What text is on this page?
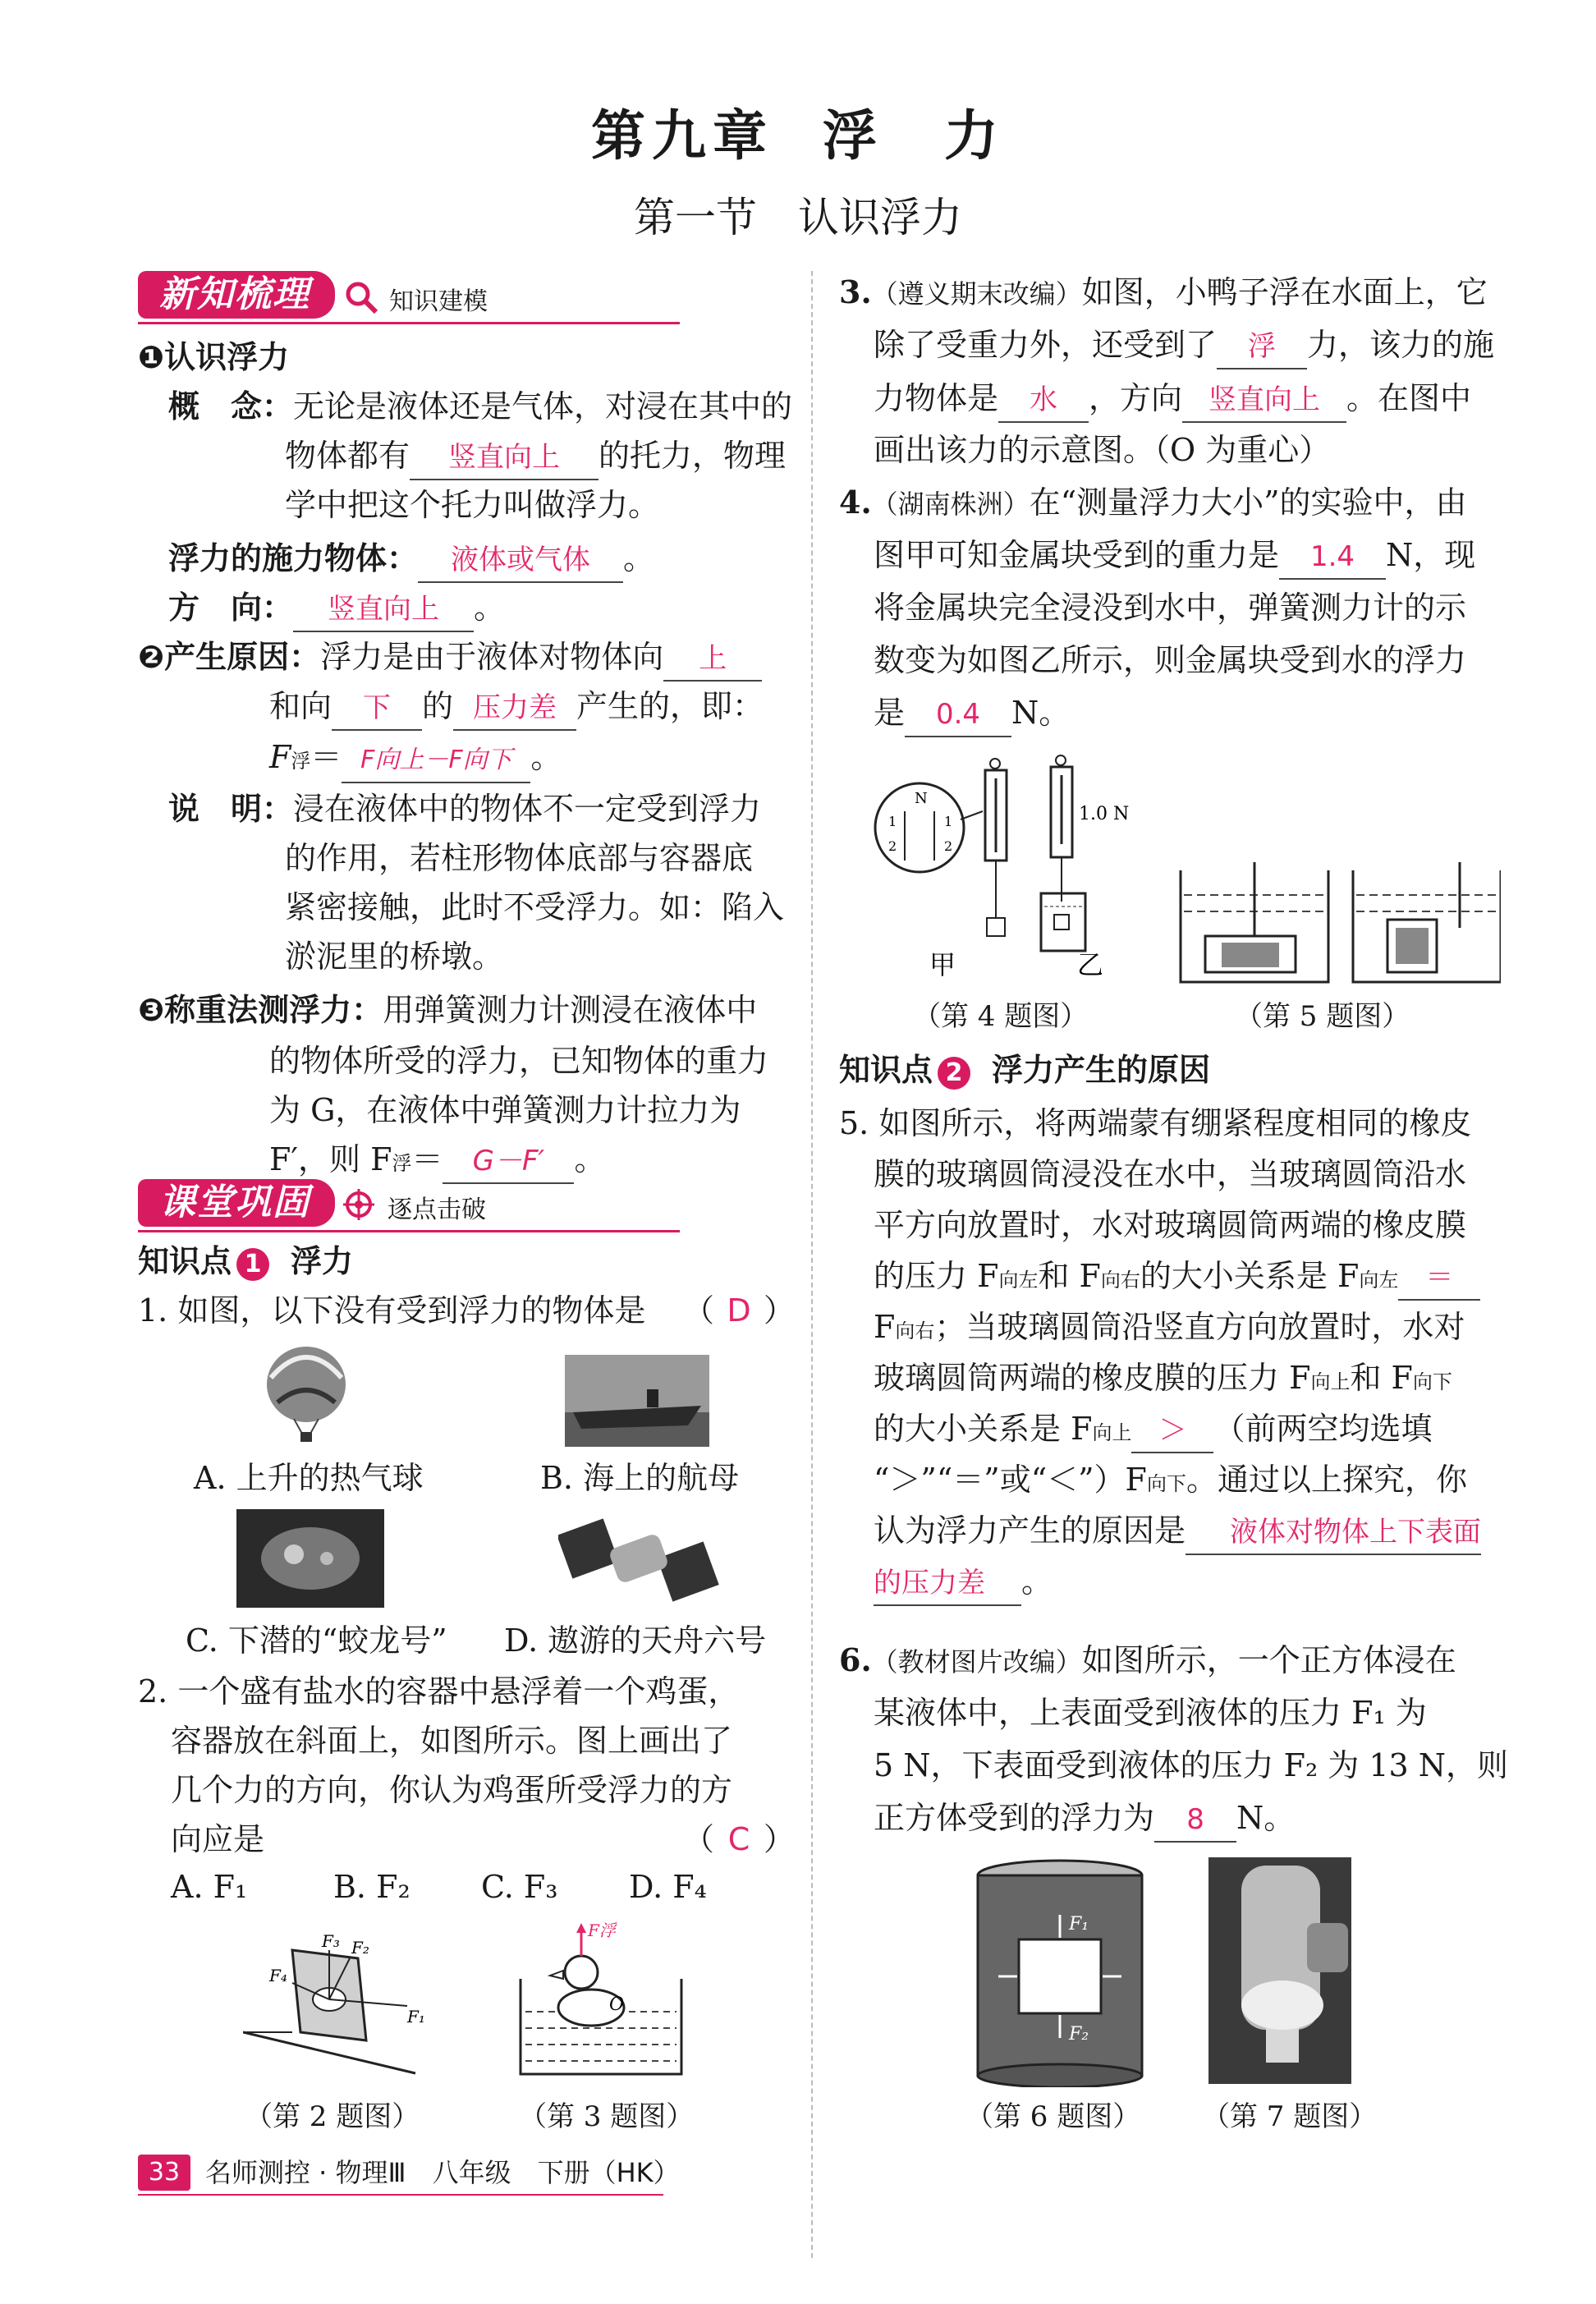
第九章 浮　力
第一节 认识浮力
新知梳理	知识建模
❶认识浮力
概　念：无论是液体还是气体，对浸在其中的
物体都有 竖直向上 的托力，物理
学中把这个托力叫做浮力。
浮力的施力物体： 液体或气体 。
方　向： 竖直向上 。
❷产生原因：浮力是由于液体对物体向 上
和向 下 的 压力差 产生的，即：
F浮＝ F向上－F向下 。
说　明：浸在液体中的物体不一定受到浮力
的作用，若柱形物体底部与容器底
紧密接触，此时不受浮力。如：陷入
淤泥里的桥墩。
❸称重法测浮力：用弹簧测力计测浸在液体中
的物体所受的浮力，已知物体的重力
为 G，在液体中弹簧测力计拉力为
F′，则 F浮＝ G－F′ 。
课堂巩固	逐点击破
知识点 1 浮力
1. 如图，以下没有受到浮力的物体是 （ D ）
A. 上升的热气球	B. 海上的航母
C. 下潜的“蛟龙号” D. 遨游的天舟六号
2. 一个盛有盐水的容器中悬浮着一个鸡蛋，
容器放在斜面上，如图所示。图上画出了
几个力的方向，你认为鸡蛋所受浮力的方
向应是	（ C ）
A. F₁	B. F₂ C. F₃ D. F₄
F₁
F₂
F₃
F₄
（第 2 题图）
F浮
O
（第 3 题图）
3.（遵义期末改编）如图，小鸭子浮在水面上，它
除了受重力外，还受到了 浮 力，该力的施
力物体是 水 ，方向 竖直向上 。在图中
画出该力的示意图。（O 为重心）
4.（湖南株洲）在“测量浮力大小”的实验中，由
图甲可知金属块受到的重力是 1.4 N，现
将金属块完全浸没到水中，弹簧测力计的示
数变为如图乙所示，则金属块受到水的浮力
是 0.4 N。
N
1
2
1
2
1.0 N
甲	乙
（第 4 题图）	（第 5 题图）
知识点 2 浮力产生的原因
5. 如图所示，将两端蒙有绷紧程度相同的橡皮
膜的玻璃圆筒浸没在水中，当玻璃圆筒沿水
平方向放置时，水对玻璃圆筒两端的橡皮膜
的压力 F向左和 F向右的大小关系是 F向左 ＝
F向右；当玻璃圆筒沿竖直方向放置时，水对
玻璃圆筒两端的橡皮膜的压力 F向上和 F向下
的大小关系是 F向上 ＞ （前两空均选填
“＞”“＝”或“＜”）F向下。通过以上探究，你
认为浮力产生的原因是 液体对物体上下表面
的压力差 。
6.（教材图片改编）如图所示，一个正方体浸在
某液体中，上表面受到液体的压力 F₁ 为
5 N，下表面受到液体的压力 F₂ 为 13 N，则
正方体受到的浮力为 8 N。
F₁
F₂
（第 6 题图） （第 7 题图）
33 名师测控 · 物理Ⅲ　八年级　下册（HK）
